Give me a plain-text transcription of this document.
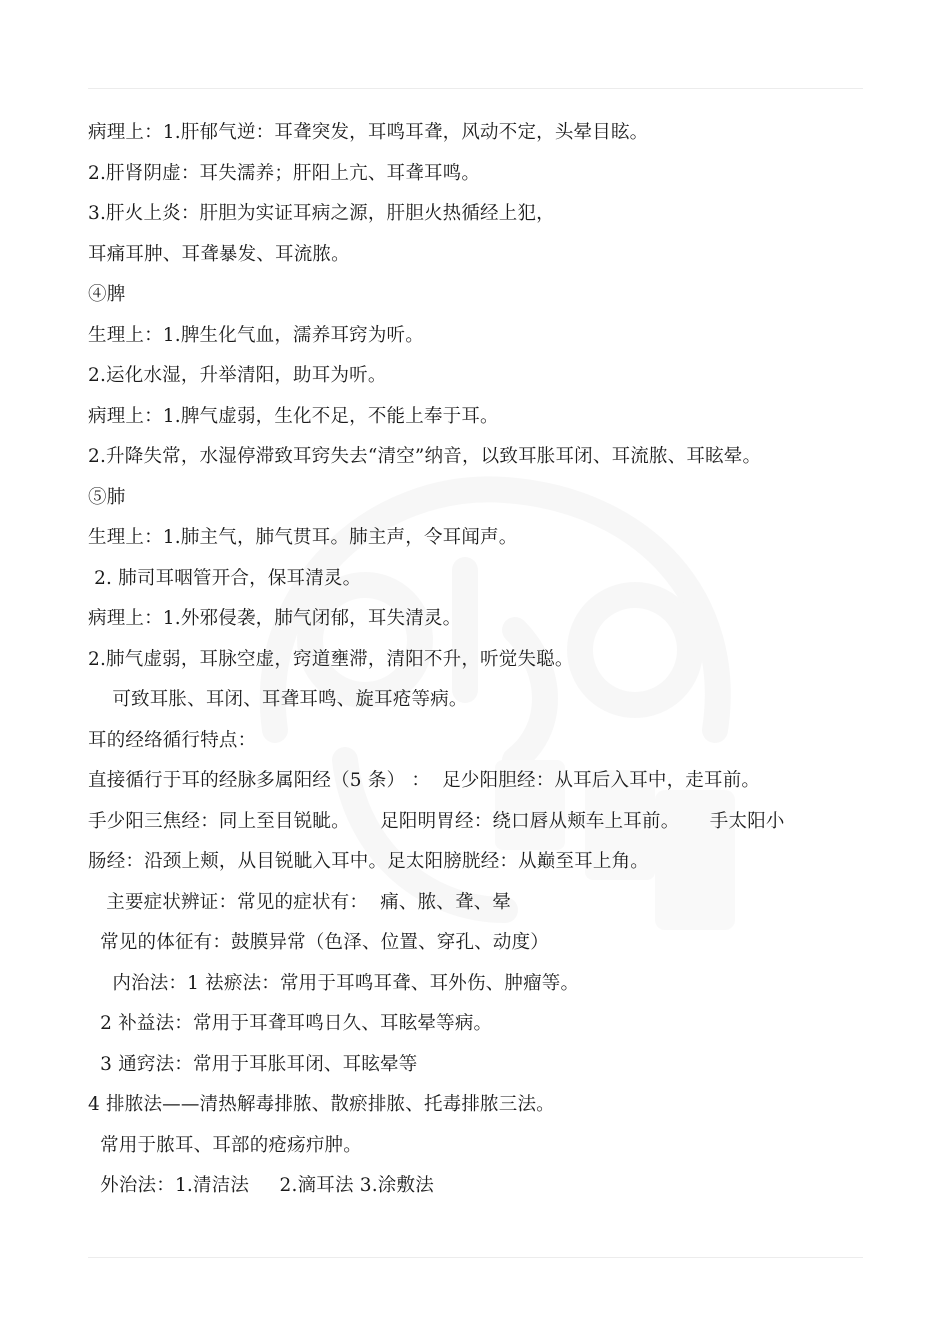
病理上：1.肝郁气逆：耳聋突发，耳鸣耳聋，风动不定，头晕目眩。
2.肝肾阴虚：耳失濡养；肝阳上亢、耳聋耳鸣。
3.肝火上炎：肝胆为实证耳病之源，肝胆火热循经上犯，
耳痛耳肿、耳聋暴发、耳流脓。
④脾
生理上：1.脾生化气血，濡养耳窍为听。
2.运化水湿，升举清阳，助耳为听。
病理上：1.脾气虚弱，生化不足，不能上奉于耳。
2.升降失常，水湿停滞致耳窍失去“清空”纳音，以致耳胀耳闭、耳流脓、耳眩晕。
⑤肺
生理上：1.肺主气，肺气贯耳。肺主声，令耳闻声。
2. 肺司耳咽管开合，保耳清灵。
病理上：1.外邪侵袭，肺气闭郁，耳失清灵。
2.肺气虚弱，耳脉空虚，窍道壅滞，清阳不升，听觉失聪。
可致耳胀、耳闭、耳聋耳鸣、旋耳疮等病。
耳的经络循行特点：
直接循行于耳的经脉多属阳经（5 条） ：  足少阳胆经：从耳后入耳中，走耳前。
手少阳三焦经：同上至目锐眦。     足阳明胃经：绕口唇从颊车上耳前。     手太阳小
肠经：沿颈上颊，从目锐眦入耳中。足太阳膀胱经：从巅至耳上角。
主要症状辨证：常见的症状有：  痛、脓、聋、晕
常见的体征有：鼓膜异常（色泽、位置、穿孔、动度）
内治法：1 祛瘀法：常用于耳鸣耳聋、耳外伤、肿瘤等。
2 补益法：常用于耳聋耳鸣日久、耳眩晕等病。
3 通窍法：常用于耳胀耳闭、耳眩晕等
4 排脓法——清热解毒排脓、散瘀排脓、托毒排脓三法。
常用于脓耳、耳部的疮疡疖肿。
外治法：1.清洁法     2.滴耳法 3.涂敷法
